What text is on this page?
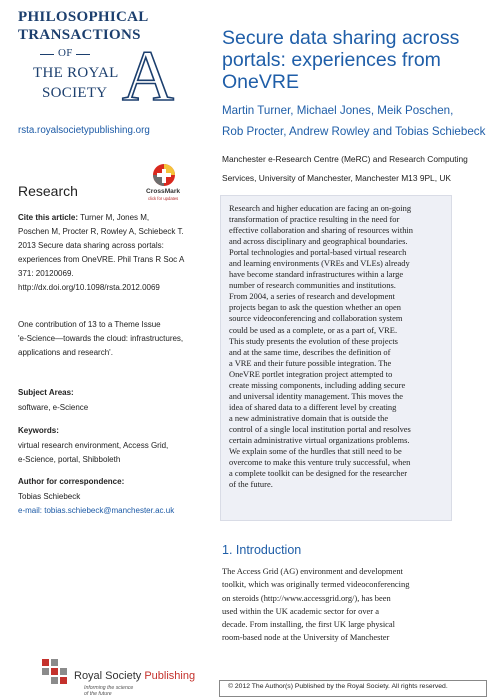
PHILOSOPHICAL
TRANSACTIONS
OF
THE ROYAL
SOCIETY A
rsta.royalsocietypublishing.org
Research	CrossMark
click for updates
Cite this article: Turner M, Jones M,
Poschen M, Procter R, Rowley A, Schiebeck T.
2013 Secure data sharing across portals:
experiences from OneVRE. Phil Trans R Soc A
371: 20120069.
http://dx.doi.org/10.1098/rsta.2012.0069
One contribution of 13 to a Theme Issue
'e-Science—towards the cloud: infrastructures,
applications and research'.
Subject Areas:
software, e-Science
Keywords:
virtual research environment, Access Grid,
e-Science, portal, Shibboleth
Author for correspondence:
Tobias Schiebeck
e-mail: tobias.schiebeck@manchester.ac.uk
Royal Society Publishing
Informing the science
of the future
Secure data sharing across
portals: experiences from
OneVRE
Martin Turner, Michael Jones, Meik Poschen,
Rob Procter, Andrew Rowley and Tobias Schiebeck
Manchester e-Research Centre (MeRC) and Research Computing
Services, University of Manchester, Manchester M13 9PL, UK

Research and higher education are facing an on-going

transformation of practice resulting in the need for

effective collaboration and sharing of resources within

and across disciplinary and geographical boundaries.

Portal technologies and portal-based virtual research

and learning environments (VREs and VLEs) already

have become standard infrastructures within a large

number of research communities and institutions.

From 2004, a series of research and development

projects began to ask the question whether an open

source videoconferencing and collaboration system

could be used as a complete, or as a part of, VRE.

This study presents the evolution of these projects

and at the same time, describes the definition of

a VRE and their future possible integration. The

OneVRE portlet integration project attempted to

create missing components, including adding secure

and universal identity management. This moves the

idea of shared data to a different level by creating

a new administrative domain that is outside the

control of a single local institution portal and resolves

certain administrative virtual organizations problems.

We explain some of the hurdles that still need to be

overcome to make this venture truly successful, when

a complete toolkit can be designed for the researcher

of the future.

1. Introduction

The Access Grid (AG) environment and development

toolkit, which was originally termed videoconferencing

on steroids (http://www.accessgrid.org/), has been

used within the UK academic sector for over a

decade. From installing, the first UK large physical

room-based node at the University of Manchester

© 2012 The Author(s) Published by the Royal Society. All rights reserved.
